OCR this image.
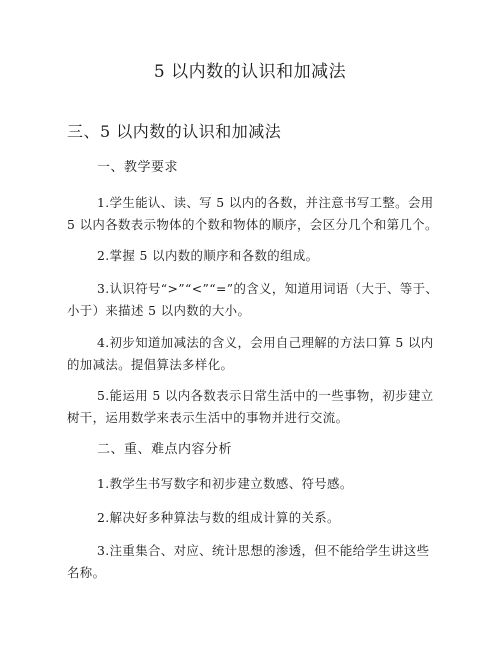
5 以内数的认识和加减法
三、5 以内数的认识和加减法
一、教学要求

1.学生能认、读、写 5 以内的各数，并注意书写工整。会用 5 以内各数表示物体的个数和物体的顺序，会区分几个和第几个。

2.掌握 5 以内数的顺序和各数的组成。

3.认识符号“>”“<”“=”的含义，知道用词语（大于、等于、小于）来描述 5 以内数的大小。

4.初步知道加减法的含义，会用自己理解的方法口算 5 以内的加减法。提倡算法多样化。

5.能运用 5 以内各数表示日常生活中的一些事物，初步建立树干，运用数学来表示生活中的事物并进行交流。

二、重、难点内容分析

1.教学生书写数字和初步建立数感、符号感。

2.解决好多种算法与数的组成计算的关系。

3.注重集合、对应、统计思想的渗透，但不能给学生讲这些名称。
